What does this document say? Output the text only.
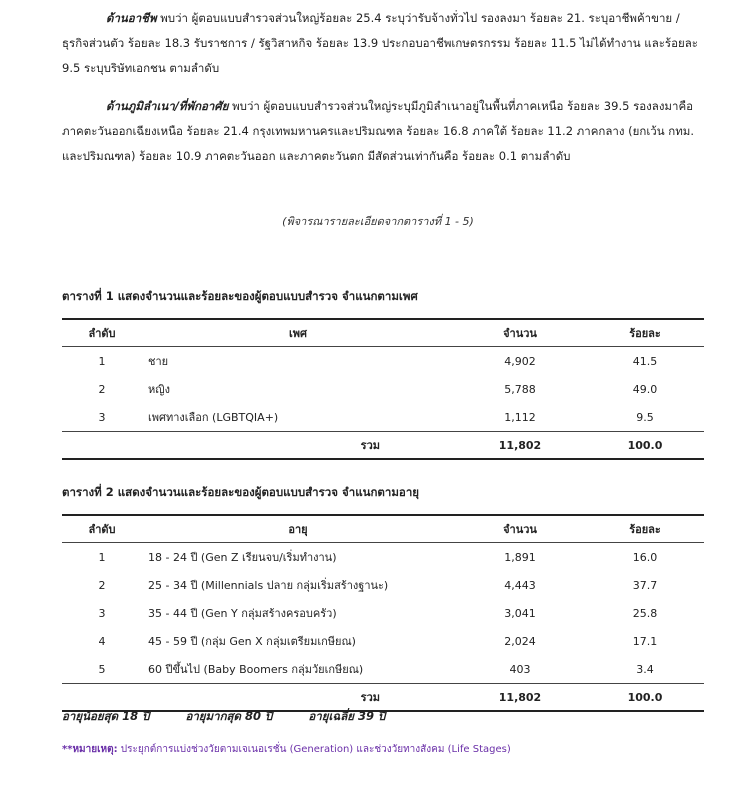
ด้านอาชีพ พบว่า ผู้ตอบแบบสำรวจส่วนใหญ่ร้อยละ 25.4 ระบุว่ารับจ้างทั่วไป รองลงมา ร้อยละ 21. ระบุอาชีพค้าขาย / ธุรกิจส่วนตัว ร้อยละ 18.3 รับราชการ / รัฐวิสาหกิจ ร้อยละ 13.9 ประกอบอาชีพเกษตรกรรม ร้อยละ 11.5 ไม่ได้ทำงาน และร้อยละ 9.5 ระบุบริษัทเอกชน ตามลำดับ

ด้านภูมิลำเนา/ที่พักอาศัย พบว่า ผู้ตอบแบบสำรวจส่วนใหญ่ระบุมีภูมิลำเนาอยู่ในพื้นที่ภาคเหนือ ร้อยละ 39.5 รองลงมาคือ ภาคตะวันออกเฉียงเหนือ ร้อยละ 21.4 กรุงเทพมหานครและปริมณฑล ร้อยละ 16.8 ภาคใต้ ร้อยละ 11.2 ภาคกลาง (ยกเว้น กทม. และปริมณฑล) ร้อยละ 10.9 ภาคตะวันออก และภาคตะวันตก มีสัดส่วนเท่ากันคือ ร้อยละ 0.1 ตามลำดับ

(พิจารณารายละเอียดจากตารางที่ 1 - 5)
ตารางที่ 1 แสดงจำนวนและร้อยละของผู้ตอบแบบสำรวจ จำแนกตามเพศ
ลำดับ	เพศ	จำนวน	ร้อยละ
1	ชาย	4,902	41.5
2	หญิง	5,788	49.0
3	เพศทางเลือก (LGBTQIA+)	1,112	9.5
รวม		11,802	100.0
ตารางที่ 2 แสดงจำนวนและร้อยละของผู้ตอบแบบสำรวจ จำแนกตามอายุ
ลำดับ	อายุ	จำนวน	ร้อยละ
1	18 - 24 ปี (Gen Z เรียนจบ/เริ่มทำงาน)	1,891	16.0
2	25 - 34 ปี (Millennials ปลาย กลุ่มเริ่มสร้างฐานะ)	4,443	37.7
3	35 - 44 ปี (Gen Y กลุ่มสร้างครอบครัว)	3,041	25.8
4	45 - 59 ปี (กลุ่ม Gen X กลุ่มเตรียมเกษียณ)	2,024	17.1
5	60 ปีขึ้นไป (Baby Boomers กลุ่มวัยเกษียณ)	403	3.4
รวม		11,802	100.0
อายุน้อยสุด 18 ปี	อายุมากสุด 80 ปี	อายุเฉลี่ย 39 ปี
**หมายเหตุ: ประยุกต์การแบ่งช่วงวัยตามเจเนอเรชั่น (Generation) และช่วงวัยทางสังคม (Life Stages)
